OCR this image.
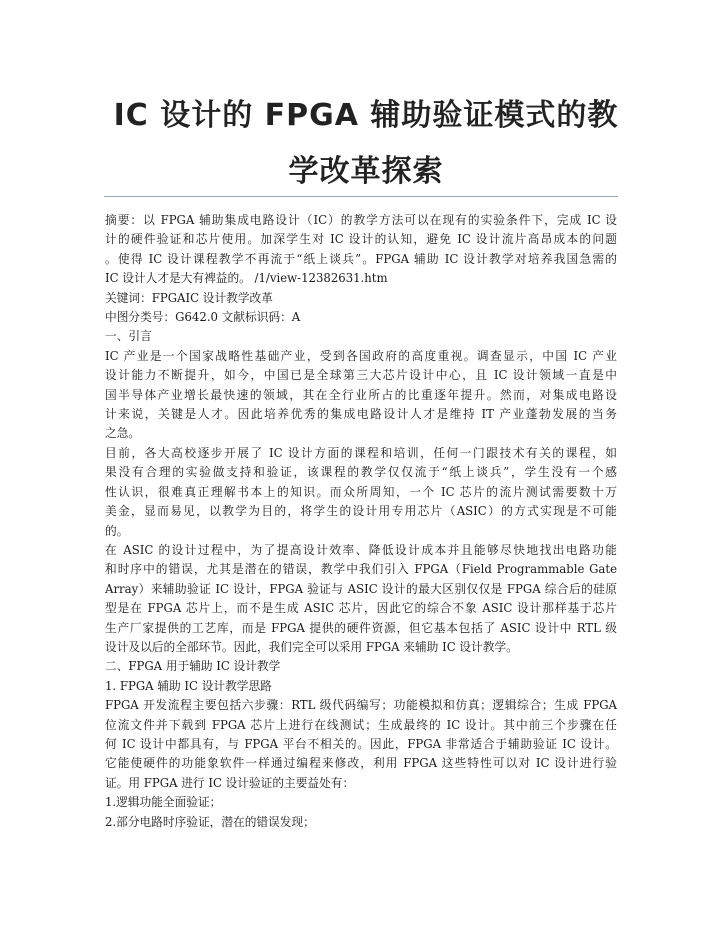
IC 设计的 FPGA 辅助验证模式的教
学改革探索
摘要：以 FPGA 辅助集成电路设计（IC）的教学方法可以在现有的实验条件下，完成 IC 设
计的硬件验证和芯片使用。加深学生对 IC 设计的认知，避免 IC 设计流片高昂成本的问题
。使得 IC 设计课程教学不再流于“纸上谈兵”。FPGA 辅助 IC 设计教学对培养我国急需的
IC 设计人才是大有裨益的。 /1/view-12382631.htm
关键词：FPGAIC 设计教学改革
中图分类号：G642.0 文献标识码：A
一、引言
IC 产业是一个国家战略性基础产业，受到各国政府的高度重视。调查显示，中国 IC 产业
设计能力不断提升，如今，中国已是全球第三大芯片设计中心，且 IC 设计领域一直是中
国半导体产业增长最快速的领域，其在全行业所占的比重逐年提升。然而，对集成电路设
计来说，关键是人才。因此培养优秀的集成电路设计人才是维持 IT 产业蓬勃发展的当务
之急。
目前，各大高校逐步开展了 IC 设计方面的课程和培训，任何一门跟技术有关的课程，如
果没有合理的实验做支持和验证，该课程的教学仅仅流于“纸上谈兵”，学生没有一个感
性认识，很难真正理解书本上的知识。而众所周知，一个 IC 芯片的流片测试需要数十万
美金，显而易见，以教学为目的，将学生的设计用专用芯片（ASIC）的方式实现是不可能
的。
在 ASIC 的设计过程中，为了提高设计效率、降低设计成本并且能够尽快地找出电路功能
和时序中的错误，尤其是潜在的错误，教学中我们引入 FPGA（Field Programmable Gate
Array）来辅助验证 IC 设计，FPGA 验证与 ASIC 设计的最大区别仅仅是 FPGA 综合后的硅原
型是在 FPGA 芯片上，而不是生成 ASIC 芯片，因此它的综合不象 ASIC 设计那样基于芯片
生产厂家提供的工艺库，而是 FPGA 提供的硬件资源，但它基本包括了 ASIC 设计中 RTL 级
设计及以后的全部环节。因此，我们完全可以采用 FPGA 来辅助 IC 设计教学。
二、FPGA 用于辅助 IC 设计教学
1. FPGA 辅助 IC 设计教学思路
FPGA 开发流程主要包括六步骤：RTL 级代码编写；功能模拟和仿真；逻辑综合；生成 FPGA
位流文件并下载到 FPGA 芯片上进行在线测试；生成最终的 IC 设计。其中前三个步骤在任
何 IC 设计中都具有，与 FPGA 平台不相关的。因此，FPGA 非常适合于辅助验证 IC 设计。
它能使硬件的功能象软件一样通过编程来修改，利用 FPGA 这些特性可以对 IC 设计进行验
证。用 FPGA 进行 IC 设计验证的主要益处有：
1.逻辑功能全面验证；
2.部分电路时序验证，潜在的错误发现；
